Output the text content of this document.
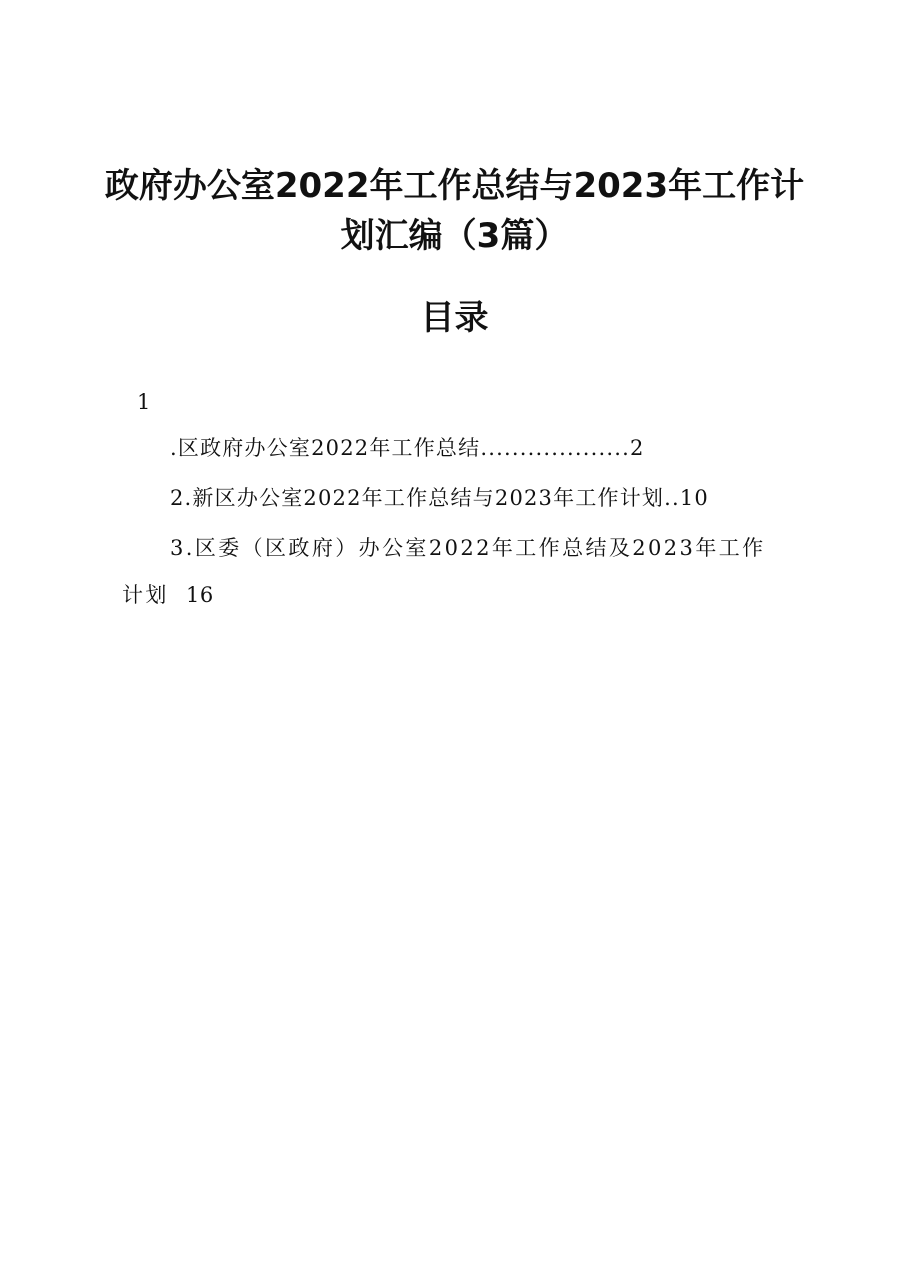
政府办公室2022年工作总结与2023年工作计
划汇编（3篇）
目录
1
.区政府办公室2022年工作总结...................2
2.新区办公室2022年工作总结与2023年工作计划..10
3.区委（区政府）办公室2022年工作总结及2023年工作
计划 16
